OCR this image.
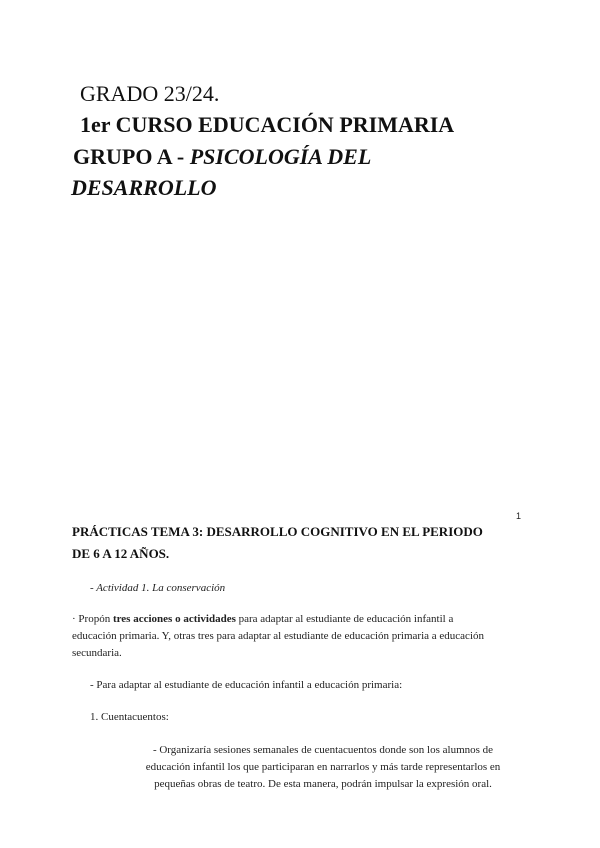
GRADO 23/24.
1er CURSO EDUCACIÓN PRIMARIA
GRUPO A - PSICOLOGÍA DEL
DESARROLLO
1
PRÁCTICAS TEMA 3: DESARROLLO COGNITIVO EN EL PERIODO
DE 6 A 12 AÑOS.
- Actividad 1. La conservación
· Propón tres acciones o actividades para adaptar al estudiante de educación infantil a
educación primaria. Y, otras tres para adaptar al estudiante de educación primaria a educación
secundaria.
- Para adaptar al estudiante de educación infantil a educación primaria:
1. Cuentacuentos:
- Organizaría sesiones semanales de cuentacuentos donde son los alumnos de
educación infantil los que participaran en narrarlos y más tarde representarlos en
pequeñas obras de teatro. De esta manera, podrán impulsar la expresión oral.
